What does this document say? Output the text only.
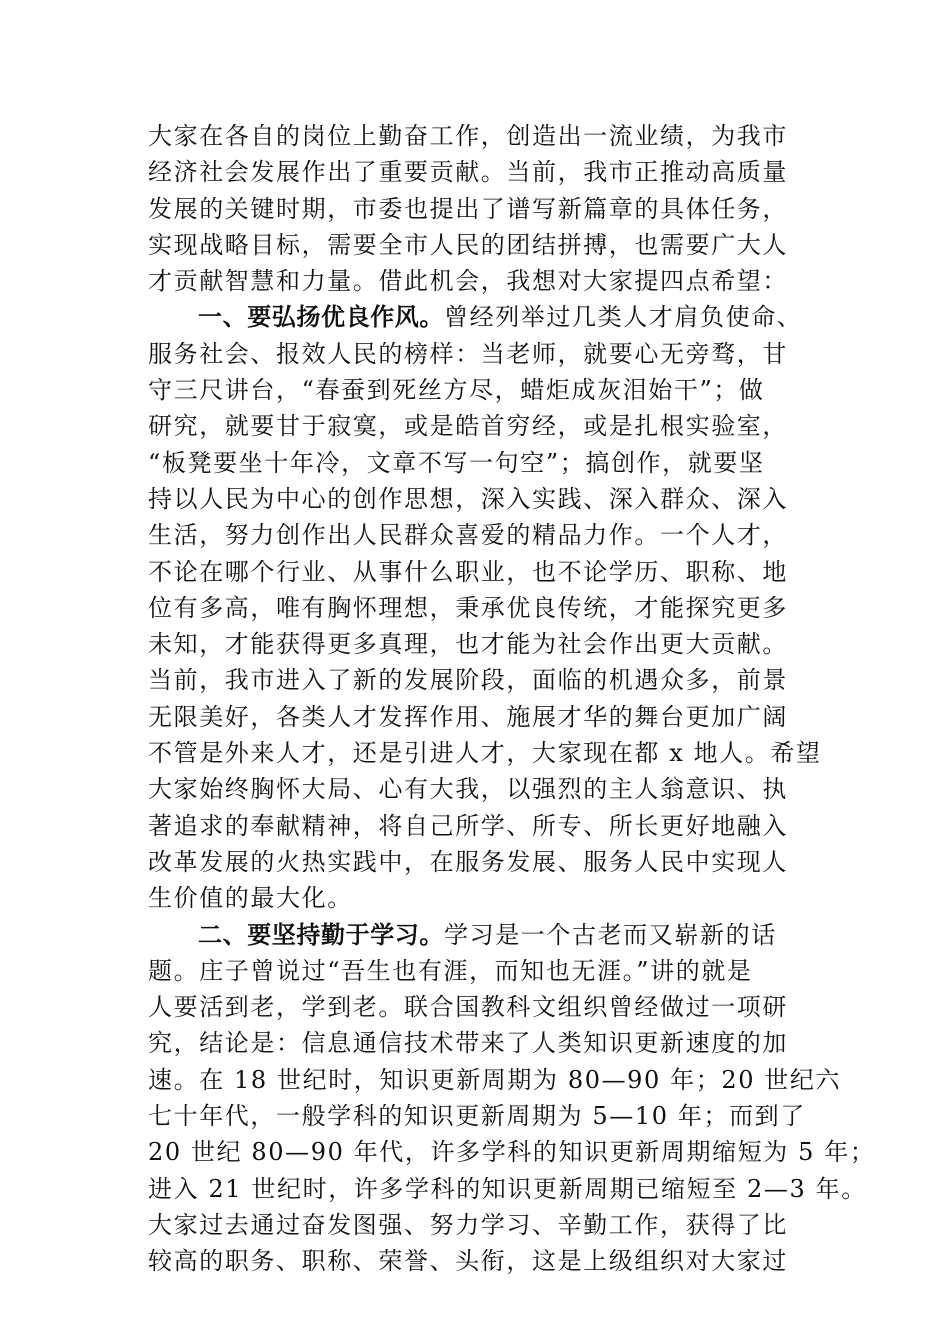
大家在各自的岗位上勤奋工作，创造出一流业绩，为我市
经济社会发展作出了重要贡献。当前，我市正推动高质量
发展的关键时期，市委也提出了谱写新篇章的具体任务，
实现战略目标，需要全市人民的团结拼搏，也需要广大人
才贡献智慧和力量。借此机会，我想对大家提四点希望：
一、要弘扬优良作风。曾经列举过几类人才肩负使命、
服务社会、报效人民的榜样：当老师，就要心无旁骛，甘
守三尺讲台，“春蚕到死丝方尽，蜡炬成灰泪始干”；做
研究，就要甘于寂寞，或是皓首穷经，或是扎根实验室，
“板凳要坐十年冷，文章不写一句空”；搞创作，就要坚
持以人民为中心的创作思想，深入实践、深入群众、深入
生活，努力创作出人民群众喜爱的精品力作。一个人才，
不论在哪个行业、从事什么职业，也不论学历、职称、地
位有多高，唯有胸怀理想，秉承优良传统，才能探究更多
未知，才能获得更多真理，也才能为社会作出更大贡献。
当前，我市进入了新的发展阶段，面临的机遇众多，前景
无限美好，各类人才发挥作用、施展才华的舞台更加广阔
不管是外来人才，还是引进人才，大家现在都 x 地人。希望
大家始终胸怀大局、心有大我，以强烈的主人翁意识、执
著追求的奉献精神，将自己所学、所专、所长更好地融入
改革发展的火热实践中，在服务发展、服务人民中实现人
生价值的最大化。
二、要坚持勤于学习。学习是一个古老而又崭新的话
题。庄子曾说过“吾生也有涯，而知也无涯。”讲的就是
人要活到老，学到老。联合国教科文组织曾经做过一项研
究，结论是：信息通信技术带来了人类知识更新速度的加
速。在 18 世纪时，知识更新周期为 80—90 年；20 世纪六
七十年代，一般学科的知识更新周期为 5—10 年；而到了
20 世纪 80—90 年代，许多学科的知识更新周期缩短为 5 年；
进入 21 世纪时，许多学科的知识更新周期已缩短至 2—3 年。
大家过去通过奋发图强、努力学习、辛勤工作，获得了比
较高的职务、职称、荣誉、头衔，这是上级组织对大家过
